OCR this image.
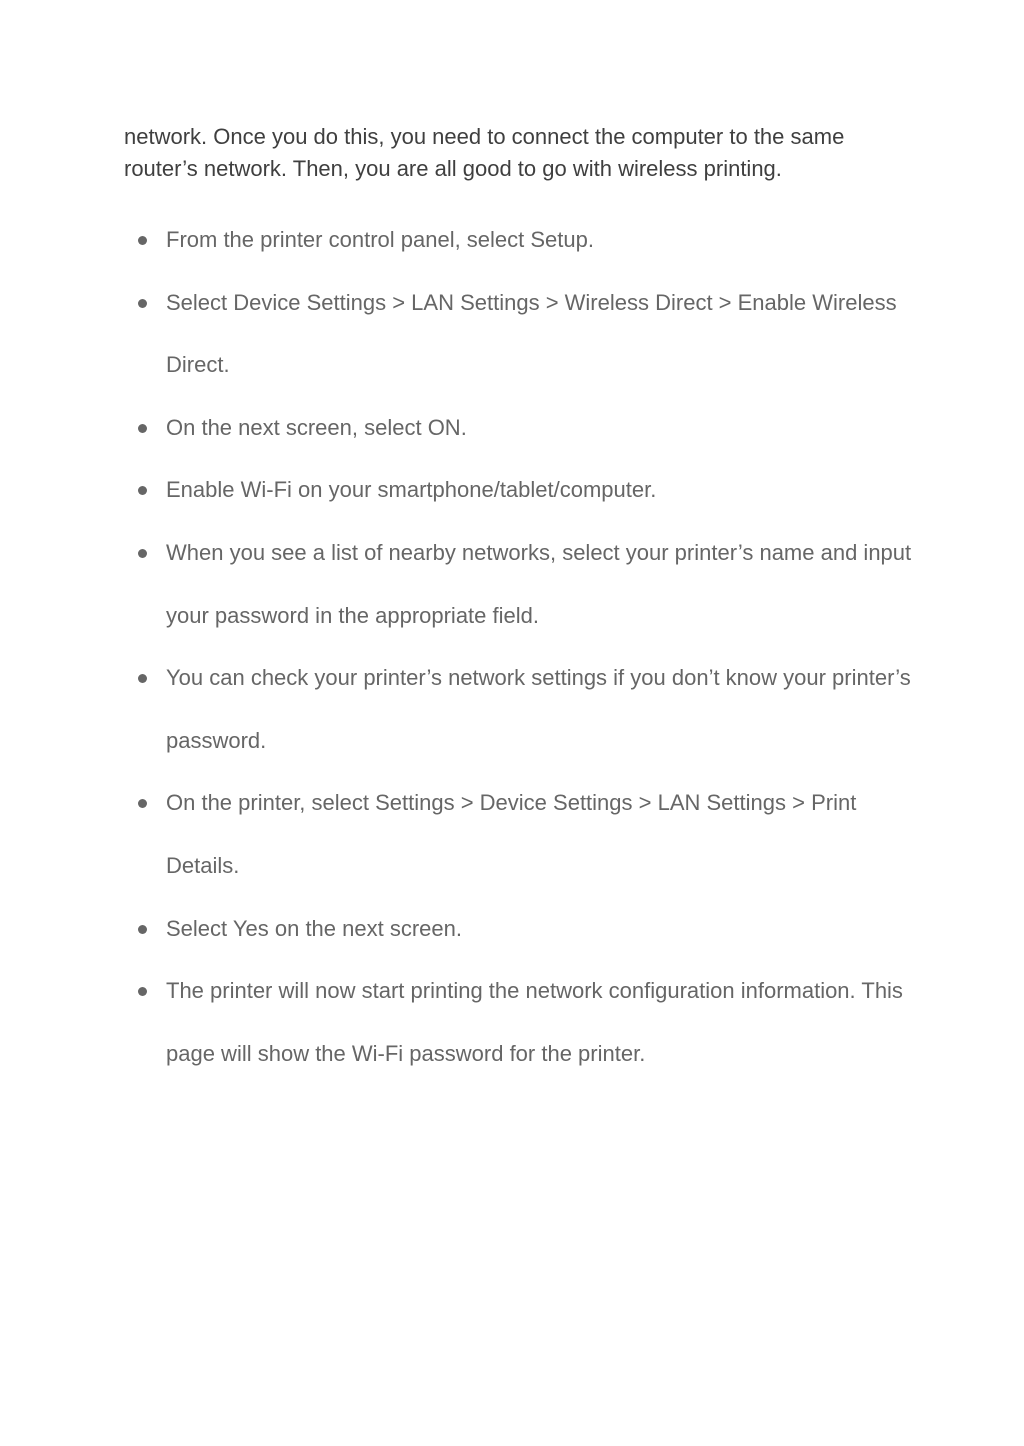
network. Once you do this, you need to connect the computer to the same router’s network. Then, you are all good to go with wireless printing.

From the printer control panel, select Setup.
Select Device Settings > LAN Settings > Wireless Direct > Enable Wireless Direct.
On the next screen, select ON.
Enable Wi-Fi on your smartphone/tablet/computer.
When you see a list of nearby networks, select your printer’s name and input your password in the appropriate field.
You can check your printer’s network settings if you don’t know your printer’s password.
On the printer, select Settings > Device Settings > LAN Settings > Print Details.
Select Yes on the next screen.
The printer will now start printing the network configuration information. This page will show the Wi-Fi password for the printer.
